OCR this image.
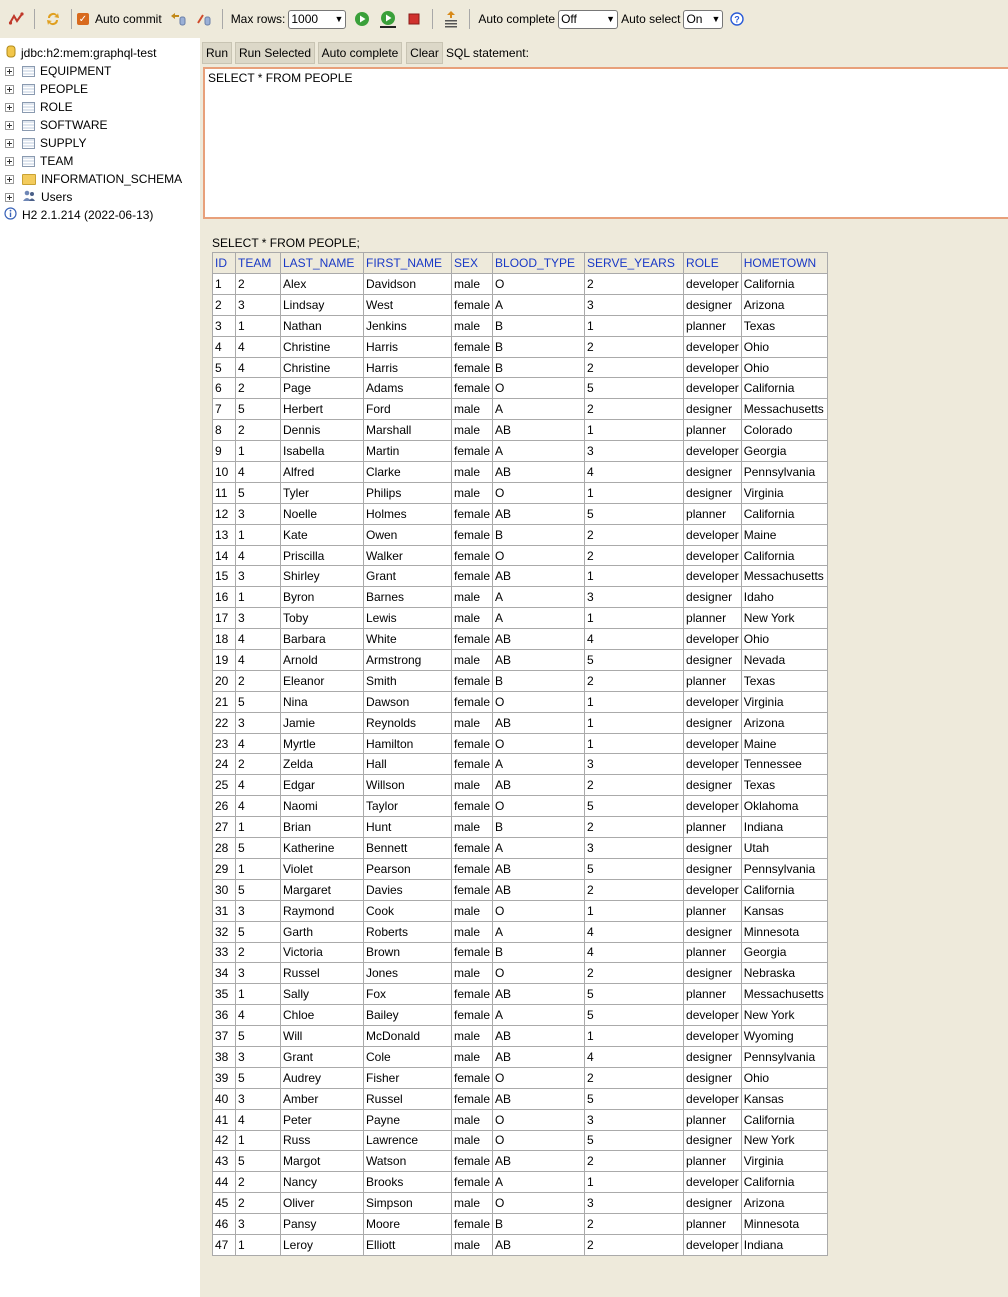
✓ Auto commit	Max rows: 1000 ▼	Auto complete Off	▼ Auto select On ▼ ?
jdbc:h2:mem:graphql-test
EQUIPMENT
PEOPLE
ROLE
SOFTWARE
SUPPLY
TEAM
INFORMATION_SCHEMA
Users
H2 2.1.214 (2022-06-13)
Run Run Selected Auto complete Clear SQL statement:
SELECT * FROM PEOPLE
SELECT * FROM PEOPLE;
ID	TEAM	LAST_NAME	FIRST_NAME	SEX	BLOOD_TYPE	SERVE_YEARS	ROLE	HOMETOWN
1	2	Alex	Davidson	male	O	2	developer	California
2	3	Lindsay	West	female	A	3	designer	Arizona
3	1	Nathan	Jenkins	male	B	1	planner	Texas
4	4	Christine	Harris	female	B	2	developer	Ohio
5	4	Christine	Harris	female	B	2	developer	Ohio
6	2	Page	Adams	female	O	5	developer	California
7	5	Herbert	Ford	male	A	2	designer	Messachusetts
8	2	Dennis	Marshall	male	AB	1	planner	Colorado
9	1	Isabella	Martin	female	A	3	developer	Georgia
10	4	Alfred	Clarke	male	AB	4	designer	Pennsylvania
11	5	Tyler	Philips	male	O	1	designer	Virginia
12	3	Noelle	Holmes	female	AB	5	planner	California
13	1	Kate	Owen	female	B	2	developer	Maine
14	4	Priscilla	Walker	female	O	2	developer	California
15	3	Shirley	Grant	female	AB	1	developer	Messachusetts
16	1	Byron	Barnes	male	A	3	designer	Idaho
17	3	Toby	Lewis	male	A	1	planner	New York
18	4	Barbara	White	female	AB	4	developer	Ohio
19	4	Arnold	Armstrong	male	AB	5	designer	Nevada
20	2	Eleanor	Smith	female	B	2	planner	Texas
21	5	Nina	Dawson	female	O	1	developer	Virginia
22	3	Jamie	Reynolds	male	AB	1	designer	Arizona
23	4	Myrtle	Hamilton	female	O	1	developer	Maine
24	2	Zelda	Hall	female	A	3	developer	Tennessee
25	4	Edgar	Willson	male	AB	2	designer	Texas
26	4	Naomi	Taylor	female	O	5	developer	Oklahoma
27	1	Brian	Hunt	male	B	2	planner	Indiana
28	5	Katherine	Bennett	female	A	3	designer	Utah
29	1	Violet	Pearson	female	AB	5	designer	Pennsylvania
30	5	Margaret	Davies	female	AB	2	developer	California
31	3	Raymond	Cook	male	O	1	planner	Kansas
32	5	Garth	Roberts	male	A	4	designer	Minnesota
33	2	Victoria	Brown	female	B	4	planner	Georgia
34	3	Russel	Jones	male	O	2	designer	Nebraska
35	1	Sally	Fox	female	AB	5	planner	Messachusetts
36	4	Chloe	Bailey	female	A	5	developer	New York
37	5	Will	McDonald	male	AB	1	developer	Wyoming
38	3	Grant	Cole	male	AB	4	designer	Pennsylvania
39	5	Audrey	Fisher	female	O	2	designer	Ohio
40	3	Amber	Russel	female	AB	5	developer	Kansas
41	4	Peter	Payne	male	O	3	planner	California
42	1	Russ	Lawrence	male	O	5	designer	New York
43	5	Margot	Watson	female	AB	2	planner	Virginia
44	2	Nancy	Brooks	female	A	1	developer	California
45	2	Oliver	Simpson	male	O	3	designer	Arizona
46	3	Pansy	Moore	female	B	2	planner	Minnesota
47	1	Leroy	Elliott	male	AB	2	developer	Indiana
